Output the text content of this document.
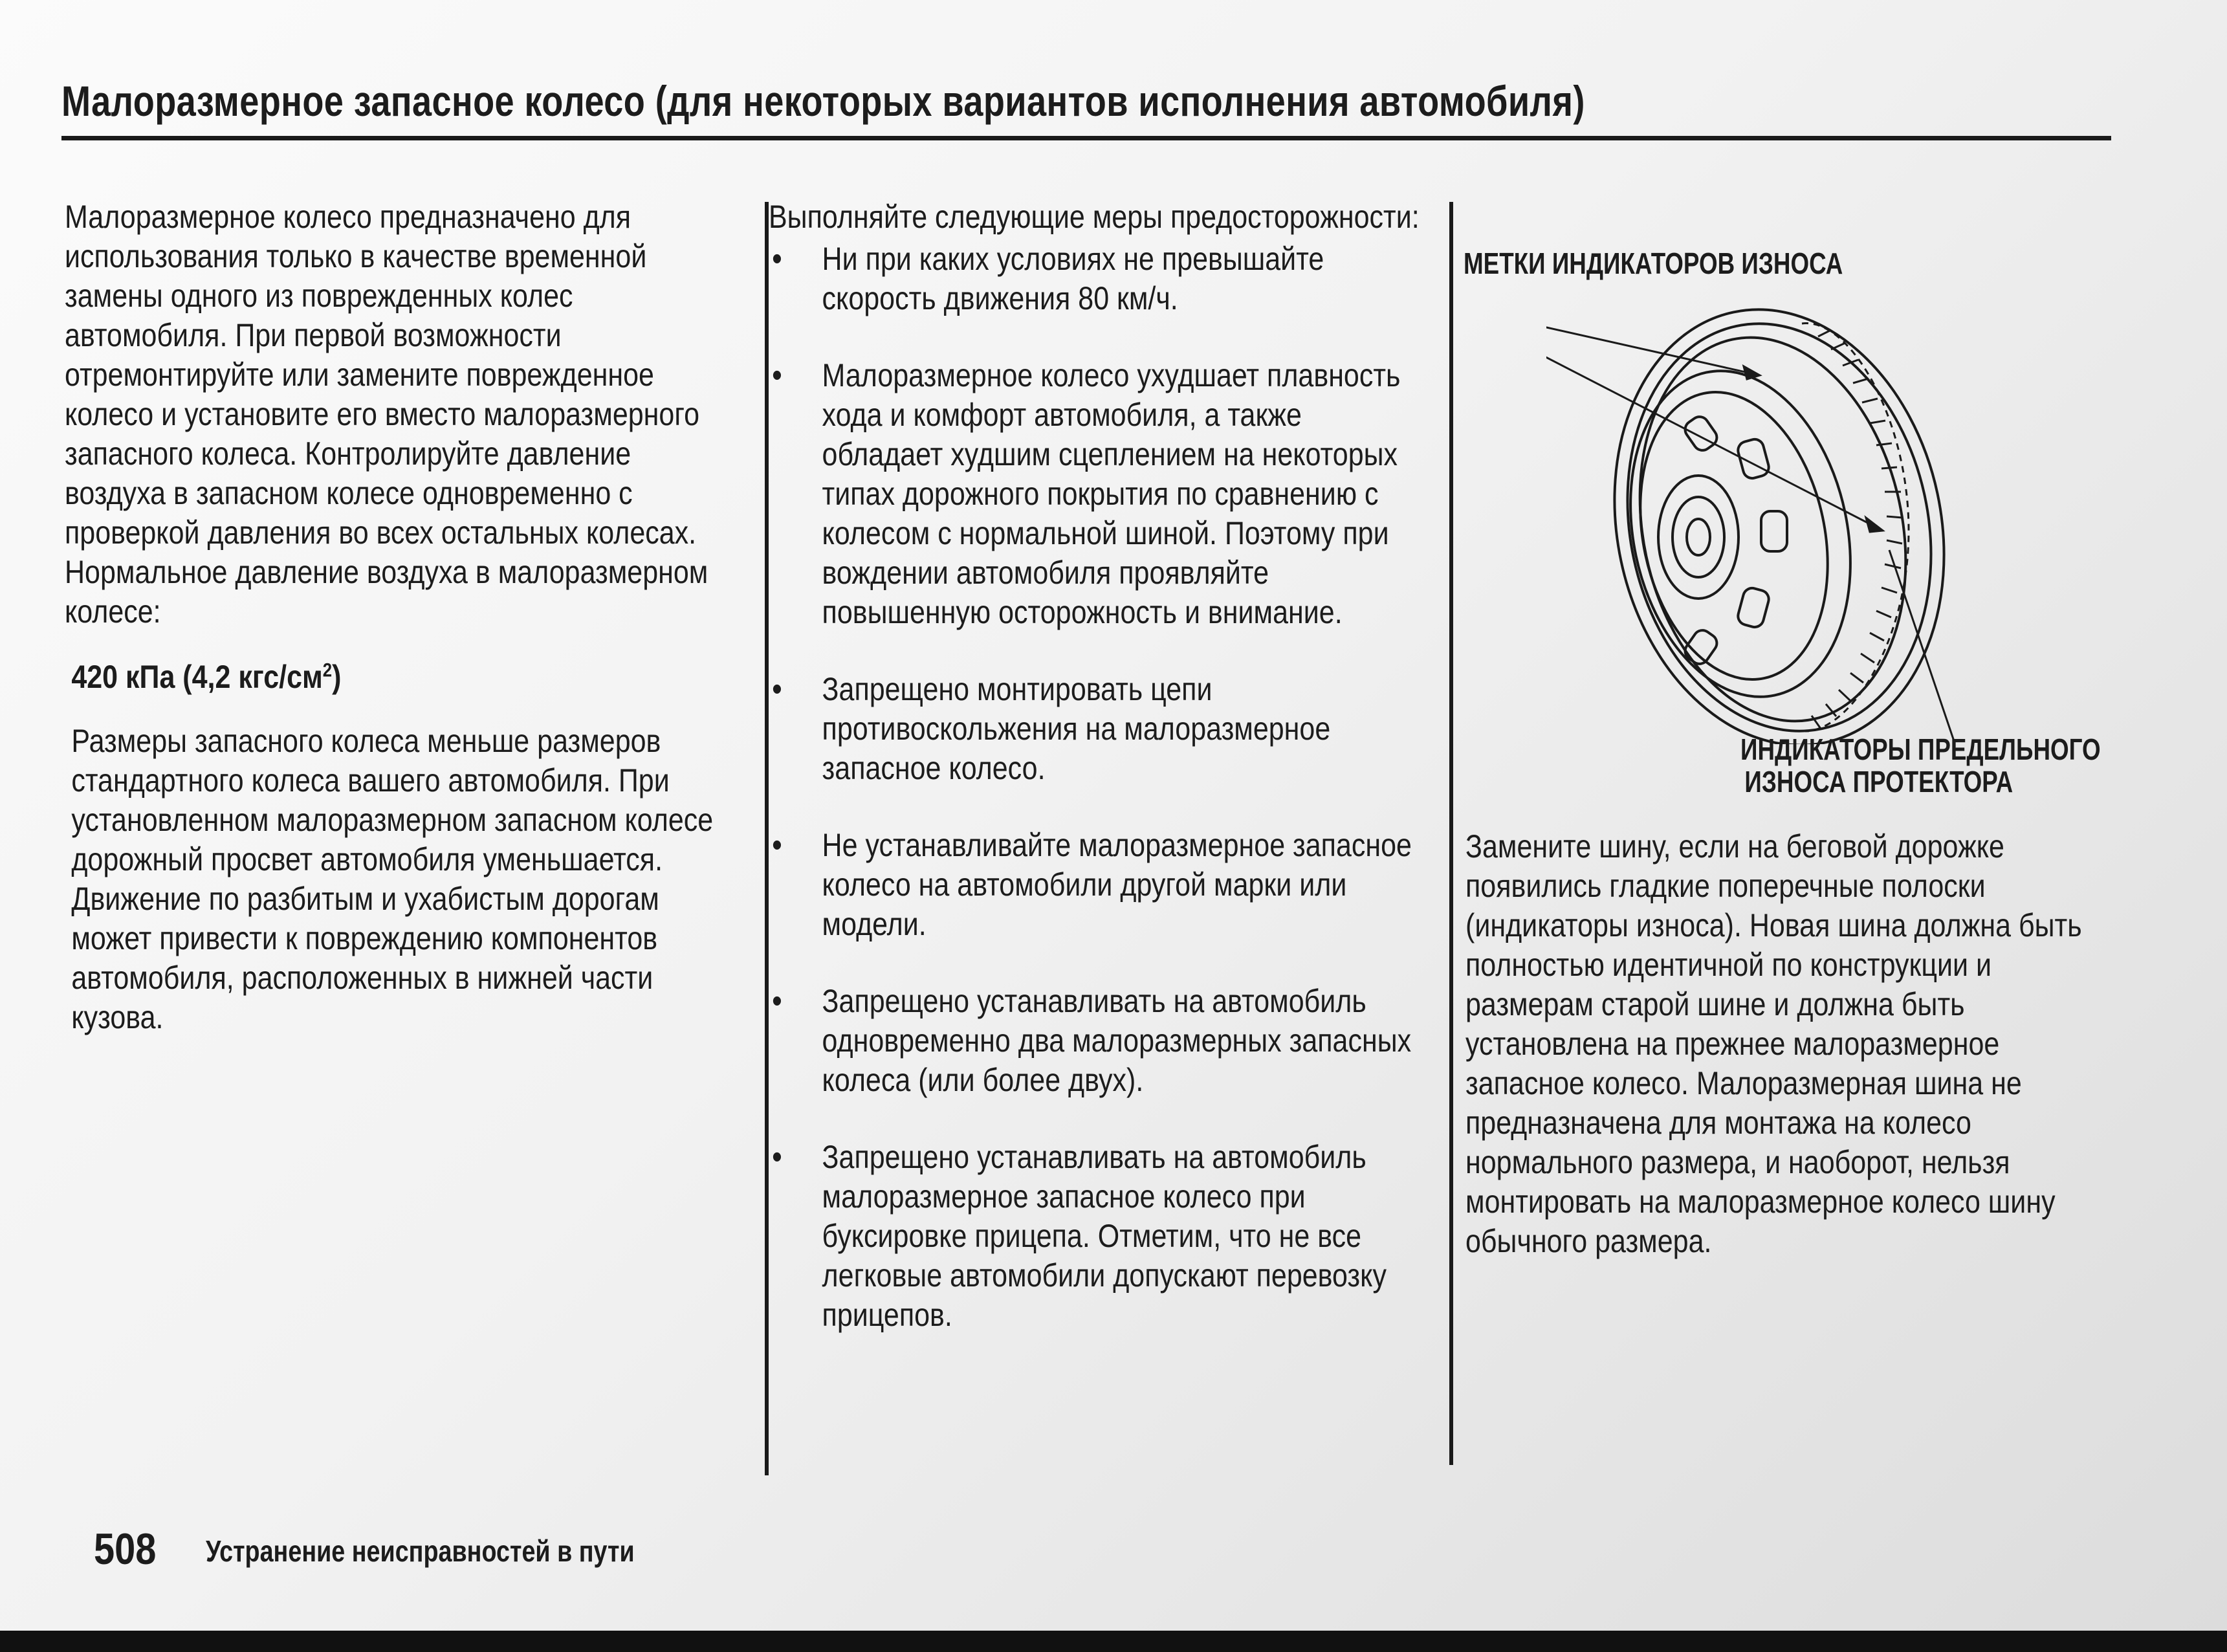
Малоразмерное запасное колесо (для некоторых вариантов исполнения автомобиля)

Малоразмерное колесо предназначено для использования только в качестве временной замены одного из поврежденных колес автомобиля. При первой возможности отремонтируйте или замените поврежденное колесо и установите его вместо малоразмерного запасного колеса. Контролируйте давление воздуха в запасном колесе одновременно с проверкой давления во всех остальных колесах. Нормальное давление воздуха в малоразмерном колесе:

420 кПа (4,2 кгс/$см^2$)

Размеры запасного колеса меньше размеров стандартного колеса вашего автомобиля. При установленном малоразмерном запасном колесе дорожный просвет автомобиля уменьшается. Движение по разбитым и ухабистым дорогам может привести к повреждению компонентов автомобиля, расположенных в нижней части кузова.

Выполняйте следующие меры предосторожности:

• Ни при каких условиях не превышайте скорость движения 80 км/ч.
• Малоразмерное колесо ухудшает плавность хода и комфорт автомобиля, а также обладает худшим сцеплением на некоторых типах дорожного покрытия по сравнению с колесом с нормальной шиной. Поэтому при вождении автомобиля проявляйте повышенную осторожность и внимание.
• Запрещено монтировать цепи противоскольжения на малоразмерное запасное колесо.
• Не устанавливайте малоразмерное запасное колесо на автомобили другой марки или модели.
• Запрещено устанавливать на автомобиль одновременно два малоразмерных запасных колеса (или более двух).
• Запрещено устанавливать на автомобиль малоразмерное запасное колесо при буксировке прицепа. Отметим, что не все легковые автомобили допускают перевозку прицепов.
МЕТКИ ИНДИКАТОРОВ ИЗНОСА
ИНДИКАТОРЫ ПРЕДЕЛЬНОГО
ИЗНОСА ПРОТЕКТОРА

Замените шину, если на беговой дорожке появились гладкие поперечные полоски (индикаторы износа). Новая шина должна быть полностью идентичной по конструкции и размерам старой шине и должна быть установлена на прежнее малоразмерное запасное колесо. Малоразмерная шина не предназначена для монтажа на колесо нормального размера, и наоборот, нельзя монтировать на малоразмерное колесо шину обычного размера.

508 Устранение неисправностей в пути
